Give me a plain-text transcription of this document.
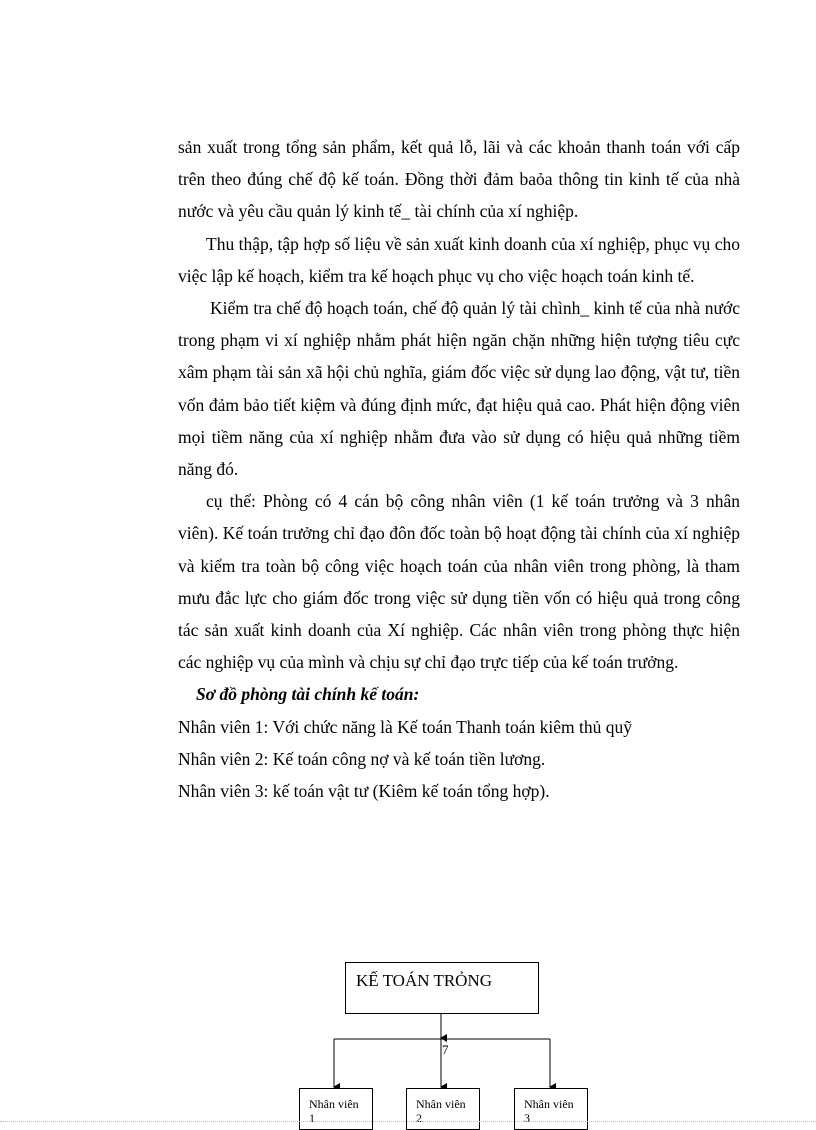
sản xuất trong tổng sản phẩm, kết quả lỗ, lãi và các khoản thanh toán với cấp trên theo đúng chế độ kế toán. Đồng thời đảm baỏa thông tin kinh tế của nhà nước và yêu cầu quản lý kinh tế_ tài chính của xí nghiệp.

Thu thập, tập hợp số liệu về sản xuất kinh doanh của xí nghiệp, phục vụ cho việc lập kế hoạch, kiểm tra kế hoạch phục vụ cho việc hoạch toán kinh tế.

Kiểm tra chế độ hoạch toán, chế độ quản lý tài chình_ kinh tế của nhà nước trong phạm vi xí nghiệp nhằm phát hiện ngăn chặn những hiện tượng tiêu cực xâm phạm tài sản xã hội chủ nghĩa, giám đốc việc sử dụng lao động, vật tư, tiền vốn đảm bảo tiết kiệm và đúng định mức, đạt hiệu quả cao. Phát hiện động viên mọi tiềm năng của xí nghiệp nhằm đưa vào sử dụng có hiệu quả những tiềm năng đó.

cụ thể: Phòng có 4 cán bộ công nhân viên (1 kế toán trưởng và 3 nhân viên). Kế toán trưởng chỉ đạo đôn đốc toàn bộ hoạt động tài chính của xí nghiệp và kiểm tra toàn bộ công việc hoạch toán của nhân viên trong phòng, là tham mưu đắc lực cho giám đốc trong việc sử dụng tiền vốn có hiệu quả trong công tác sản xuất kinh doanh của Xí nghiệp. Các nhân viên trong phòng thực hiện các nghiệp vụ của mình và chịu sự chỉ đạo trực tiếp của kế toán trưởng.

Sơ đồ phòng tài chính kế toán:

Nhân viên 1: Với chức năng là Kế toán Thanh toán kiêm thủ quỹ

Nhân viên 2: Kế toán công nợ và kế toán tiền lương.

Nhân viên 3: kế toán vật tư (Kiêm kế toán tổng hợp).

7
KẾ TOÁN TRỎNG
Nhân viên 1
Nhân viên 2
Nhân viên 3
